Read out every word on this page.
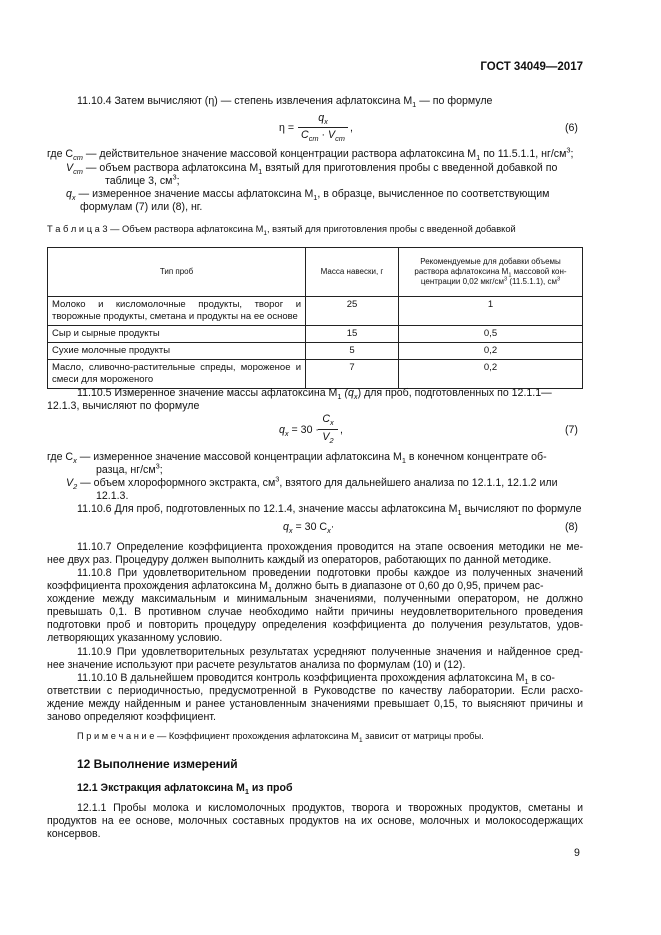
ГОСТ 34049—2017
11.10.4 Затем вычисляют (η) — степень извлечения афлатоксина $M_1$ — по формуле
η =
$q_x$
$C_{cm} \cdot V_{cm}$
,	(6)
где $C_{cm}$ — действительное значение массовой концентрации раствора афлатоксина $M_1$ по 11.5.1.1, $нг/см^3$;
$V_{cm}$ — объем раствора афлатоксина $M_1$ взятый для приготовления пробы с введенной добавкой по
таблице 3, $см^3$;
$q_x$ — измеренное значение массы афлатоксина $M_1$, в образце, вычисленное по соответствующим
формулам (7) или (8), нг.
Т а б л и ц а 3 — Объем раствора афлатоксина $M_1$, взятый для приготовления пробы с введенной добавкой
Тип проб	Масса навески, г	Рекомендуемые для добавки объемы
раствора афлатоксина $M_1$ массовой кон-
центрации 0,02 мкг/$см^3$ (11.5.1.1), $см^3$
Молоко и кисломолочные продукты, творог и творожные продукты, сметана и продукты на ее основе	25	1
Сыр и сырные продукты	15	0,5
Сухие молочные продукты	5	0,2
Масло, сливочно-растительные спреды, мороженое и смеси для мороженого	7	0,2
11.10.5 Измеренное значение массы афлатоксина $M_1$ $(q_x)$ для проб, подготовленных по 12.1.1—
12.1.3, вычисляют по формуле
$q_x = 30$ ·
$C_x$
$V_2$
,	(7)
где $C_x$ — измеренное значение массовой концентрации афлатоксина $M_1$ в конечном концентрате об-
разца, $нг/см^3$;
$V_2$ — объем хлороформного экстракта, $см^3$, взятого для дальнейшего анализа по 12.1.1, 12.1.2 или
12.1.3.
11.10.6 Для проб, подготовленных по 12.1.4, значение массы афлатоксина $M_1$ вычисляют по формуле
$q_x = 30$ $C_x\cdot$	(8)
11.10.7 Определение коэффициента прохождения проводится на этапе освоения методики не ме-
нее двух раз. Процедуру должен выполнить каждый из операторов, работающих по данной методике.
11.10.8 При удовлетворительном проведении подготовки пробы каждое из полученных значений
коэффициента прохождения афлатоксина $M_1$ должно быть в диапазоне от 0,60 до 0,95, причем рас-
хождение между максимальным и минимальным значениями, полученными оператором, не должно
превышать 0,1. В противном случае необходимо найти причины неудовлетворительного проведения
подготовки проб и повторить процедуру определения коэффициента до получения результатов, удов-
летворяющих указанному условию.
11.10.9 При удовлетворительных результатах усредняют полученные значения и найденное сред-
нее значение используют при расчете результатов анализа по формулам (10) и (12).
11.10.10 В дальнейшем проводится контроль коэффициента прохождения афлатоксина $M_1$ в со-
ответствии с периодичностью, предусмотренной в Руководстве по качеству лаборатории. Если расхо-
ждение между найденным и ранее установленным значениями превышает 0,15, то выясняют причины и
заново определяют коэффициент.
П р и м е ч а н и е — Коэффициент прохождения афлатоксина $M_1$ зависит от матрицы пробы.
12 Выполнение измерений
12.1 Экстракция афлатоксина $M_1$ из проб
12.1.1 Пробы молока и кисломолочных продуктов, творога и творожных продуктов, сметаны и
продуктов на ее основе, молочных составных продуктов на их основе, молочных и молокосодержащих
консервов.
9
